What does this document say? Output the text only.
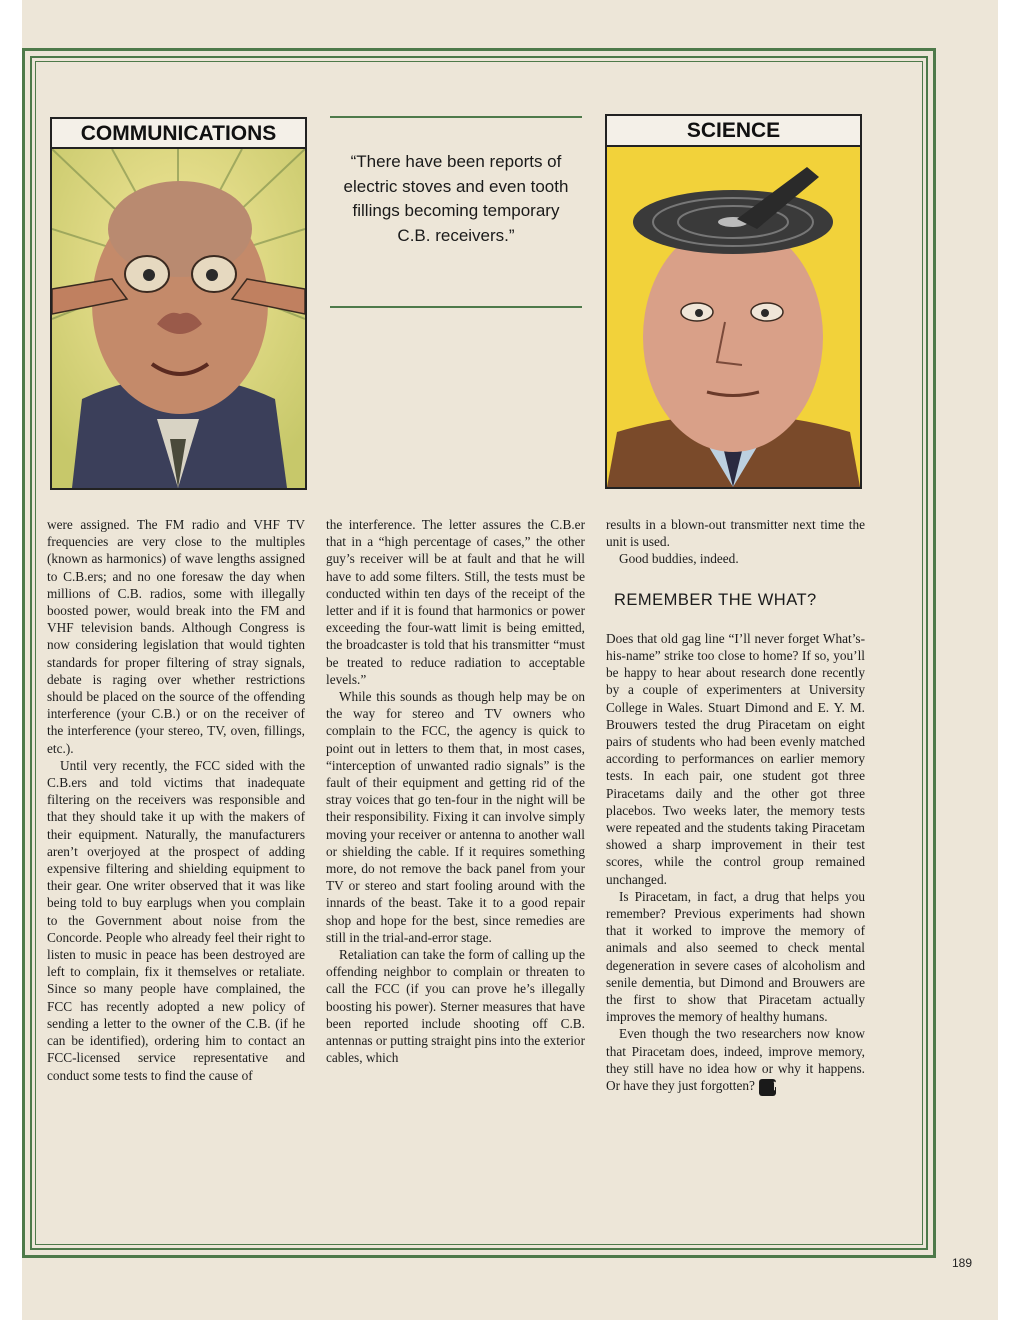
COMMUNICATIONS
“There have been reports of electric stoves and even tooth fillings becoming temporary C.B. receivers.”
SCIENCE

were assigned. The FM radio and VHF TV frequencies are very close to the multiples (known as harmonics) of wave lengths assigned to C.B.ers; and no one foresaw the day when millions of C.B. radios, some with illegally boosted power, would break into the FM and VHF television bands. Although Congress is now considering legislation that would tighten standards for proper filtering of stray signals, debate is raging over whether restrictions should be placed on the source of the offending interference (your C.B.) or on the receiver of the interference (your stereo, TV, oven, fillings, etc.).

Until very recently, the FCC sided with the C.B.ers and told victims that inadequate filtering on the receivers was responsible and that they should take it up with the makers of their equipment. Naturally, the manufacturers aren’t overjoyed at the prospect of adding expensive filtering and shielding equipment to their gear. One writer observed that it was like being told to buy earplugs when you complain to the Government about noise from the Concorde. People who already feel their right to listen to music in peace has been destroyed are left to complain, fix it themselves or retaliate. Since so many people have complained, the FCC has recently adopted a new policy of sending a letter to the owner of the C.B. (if he can be identified), ordering him to contact an FCC-licensed service representative and conduct some tests to find the cause of

the interference. The letter assures the C.B.er that in a “high percentage of cases,” the other guy’s receiver will be at fault and that he will have to add some filters. Still, the tests must be conducted within ten days of the receipt of the letter and if it is found that harmonics or power exceeding the four-watt limit is being emitted, the broadcaster is told that his transmitter “must be treated to reduce radiation to acceptable levels.”

While this sounds as though help may be on the way for stereo and TV owners who complain to the FCC, the agency is quick to point out in letters to them that, in most cases, “interception of unwanted radio signals” is the fault of their equipment and getting rid of the stray voices that go ten-four in the night will be their responsibility. Fixing it can involve simply moving your receiver or antenna to another wall or shielding the cable. If it requires something more, do not remove the back panel from your TV or stereo and start fooling around with the innards of the beast. Take it to a good repair shop and hope for the best, since remedies are still in the trial-and-error stage.

Retaliation can take the form of calling up the offending neighbor to complain or threaten to call the FCC (if you can prove he’s illegally boosting his power). Sterner measures that have been reported include shooting off C.B. antennas or putting straight pins into the exterior cables, which

results in a blown-out transmitter next time the unit is used.

Good buddies, indeed.

REMEMBER THE WHAT?

Does that old gag line “I’ll never forget What’s-his-name” strike too close to home? If so, you’ll be happy to hear about research done recently by a couple of experimenters at University College in Wales. Stuart Dimond and E. Y. M. Brouwers tested the drug Piracetam on eight pairs of students who had been evenly matched according to performances on earlier memory tests. In each pair, one student got three Piracetams daily and the other got three placebos. Two weeks later, the memory tests were repeated and the students taking Piracetam showed a sharp improvement in their test scores, while the control group remained unchanged.

Is Piracetam, in fact, a drug that helps you remember? Previous experiments had shown that it worked to improve the memory of animals and also seemed to check mental degeneration in severe cases of alcoholism and senile dementia, but Dimond and Brouwers are the first to show that Piracetam actually improves the memory of healthy humans.

Even though the two researchers now know that Piracetam does, indeed, improve memory, they still have no idea how or why it happens. Or have they just forgotten? ⚑

189
